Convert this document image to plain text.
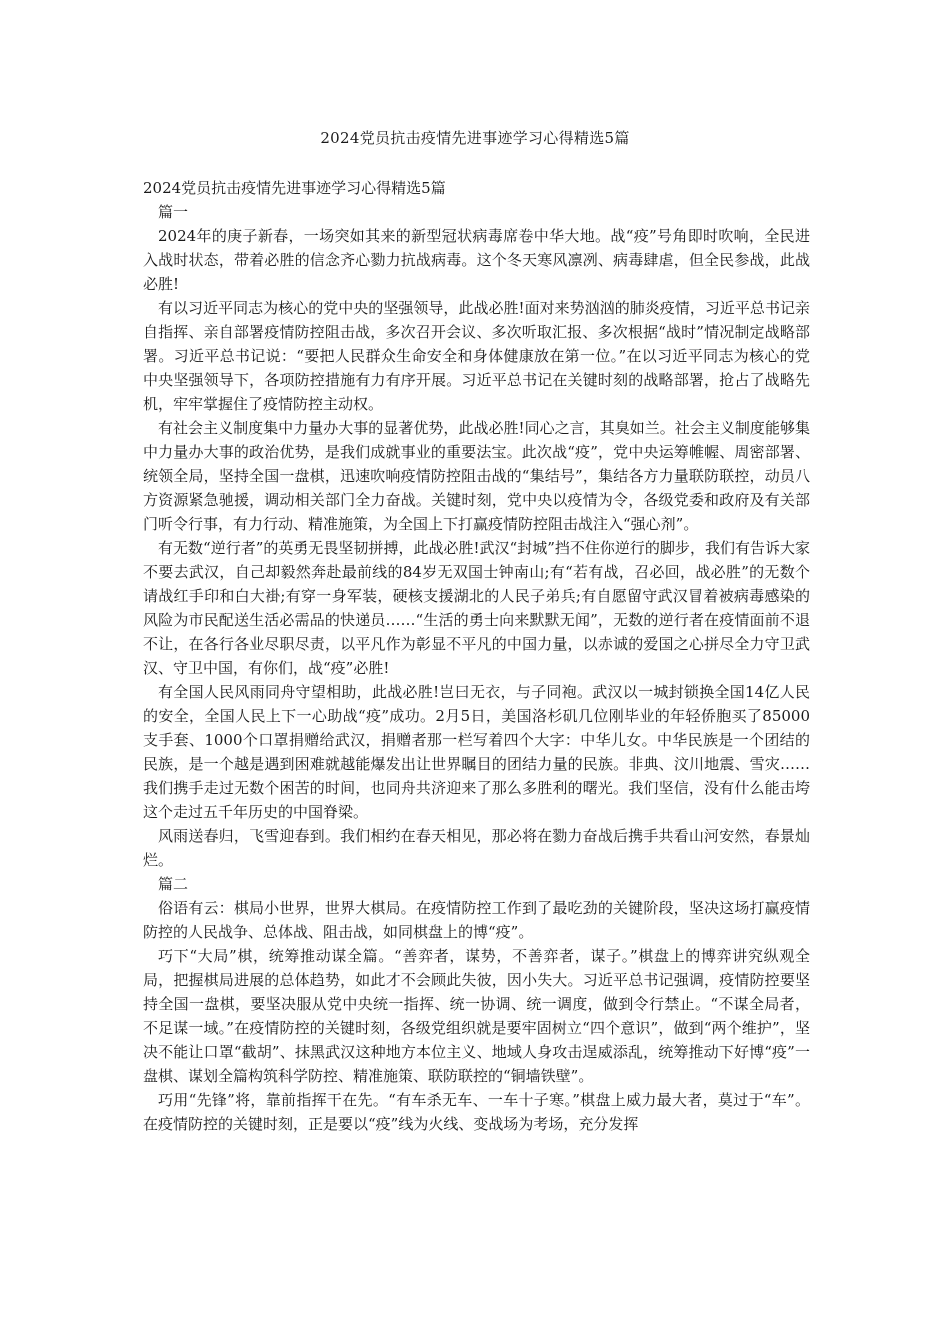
2024党员抗击疫情先进事迹学习心得精选5篇

2024党员抗击疫情先进事迹学习心得精选5篇

篇一

2024年的庚子新春，一场突如其来的新型冠状病毒席卷中华大地。战“疫”号角即时吹响，全民进入战时状态，带着必胜的信念齐心勠力抗战病毒。这个冬天寒风凛冽、病毒肆虐，但全民参战，此战必胜!

有以习近平同志为核心的党中央的坚强领导，此战必胜!面对来势汹汹的肺炎疫情，习近平总书记亲自指挥、亲自部署疫情防控阻击战，多次召开会议、多次听取汇报、多次根据“战时”情况制定战略部署。习近平总书记说：“要把人民群众生命安全和身体健康放在第一位。”在以习近平同志为核心的党中央坚强领导下，各项防控措施有力有序开展。习近平总书记在关键时刻的战略部署，抢占了战略先机，牢牢掌握住了疫情防控主动权。

有社会主义制度集中力量办大事的显著优势，此战必胜!同心之言，其臭如兰。社会主义制度能够集中力量办大事的政治优势，是我们成就事业的重要法宝。此次战“疫”，党中央运筹帷幄、周密部署、统领全局，坚持全国一盘棋，迅速吹响疫情防控阻击战的“集结号”，集结各方力量联防联控，动员八方资源紧急驰援，调动相关部门全力奋战。关键时刻，党中央以疫情为令，各级党委和政府及有关部门听令行事，有力行动、精准施策，为全国上下打赢疫情防控阻击战注入“强心剂”。

有无数“逆行者”的英勇无畏坚韧拼搏，此战必胜!武汉“封城”挡不住你逆行的脚步，我们有告诉大家不要去武汉，自己却毅然奔赴最前线的84岁无双国士钟南山;有“若有战，召必回，战必胜”的无数个请战红手印和白大褂;有穿一身军装，硬核支援湖北的人民子弟兵;有自愿留守武汉冒着被病毒感染的风险为市民配送生活必需品的快递员……“生活的勇士向来默默无闻”，无数的逆行者在疫情面前不退不让，在各行各业尽职尽责，以平凡作为彰显不平凡的中国力量，以赤诚的爱国之心拼尽全力守卫武汉、守卫中国，有你们，战“疫”必胜!

有全国人民风雨同舟守望相助，此战必胜!岂曰无衣，与子同袍。武汉以一城封锁换全国14亿人民的安全，全国人民上下一心助战“疫”成功。2月5日，美国洛杉矶几位刚毕业的年轻侨胞买了85000支手套、1000个口罩捐赠给武汉，捐赠者那一栏写着四个大字：中华儿女。中华民族是一个团结的民族，是一个越是遇到困难就越能爆发出让世界瞩目的团结力量的民族。非典、汶川地震、雪灾……我们携手走过无数个困苦的时间，也同舟共济迎来了那么多胜利的曙光。我们坚信，没有什么能击垮这个走过五千年历史的中国脊梁。

风雨送春归，飞雪迎春到。我们相约在春天相见，那必将在勠力奋战后携手共看山河安然，春景灿烂。

篇二

俗语有云：棋局小世界，世界大棋局。在疫情防控工作到了最吃劲的关键阶段，坚决这场打赢疫情防控的人民战争、总体战、阻击战，如同棋盘上的博“疫”。

巧下“大局”棋，统筹推动谋全篇。“善弈者，谋势，不善弈者，谋子。”棋盘上的博弈讲究纵观全局，把握棋局进展的总体趋势，如此才不会顾此失彼，因小失大。习近平总书记强调，疫情防控要坚持全国一盘棋，要坚决服从党中央统一指挥、统一协调、统一调度，做到令行禁止。“不谋全局者，不足谋一域。”在疫情防控的关键时刻，各级党组织就是要牢固树立“四个意识”，做到“两个维护”，坚决不能让口罩“截胡”、抹黑武汉这种地方本位主义、地域人身攻击逞威添乱，统筹推动下好博“疫”一盘棋、谋划全篇构筑科学防控、精准施策、联防联控的“铜墙铁壁”。

巧用“先锋”将，靠前指挥干在先。“有车杀无车、一车十子寒。”棋盘上威力最大者，莫过于“车”。在疫情防控的关键时刻，正是要以“疫”线为火线、变战场为考场，充分发挥
